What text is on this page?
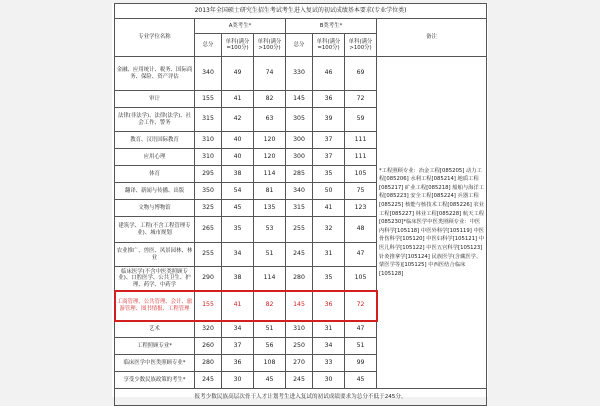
2013年全国硕士研究生招生考试考生进入复试的初试成绩基本要求(专业学位类)							
专业学位名称	A类考生*			B类考生*			备注
	总分	单科(满分=100分)	单科(满分>100分)	总分	单科(满分=100分)	单科(满分>100分)	
金融、应用统计、税务、国际商务、保险、资产评估	340	49	74	330	46	69	*工程照顾专业：冶金工程[085205] 动力工程[085206] 水利工程[085214] 地质工程[085217] 矿业工程[085218] 船舶与海洋工程[085223] 安全工程[085224] 兵器工程[085225] 核能与核技术工程[085226] 农业工程[085227] 林业工程[085228] 航天工程[085230]*临床医学中医类照顾专业：中医内科学[105118] 中医外科学[105119] 中医骨伤科学[105120] 中医妇科学[105121] 中医儿科学[105122] 中医五官科学[105123] 针灸推拿学[105124] 民族医学(含藏医学、蒙医学等)[105125] 中西医结合临床[105128]
审计	155	41	82	145	36	72	
法律(非法学)、法律(法学)、社会工作、警务	315	42	63	305	39	59	
教育、汉语国际教育	310	40	120	300	37	111	
应用心理	310	40	120	300	37	111	
体育	295	38	114	285	35	105	
翻译、新闻与传播、出版	350	54	81	340	50	75	
文物与博物馆	325	45	135	315	41	123	
建筑学、工程(不含工程管理专业)、城市规划	265	35	53	255	32	48	
农业推广、兽医、风景园林、林业	255	34	51	245	31	47	
临床医学(不含中医类照顾专业)、口腔医学、公共卫生、护理、药学、中药学	290	38	114	280	35	105	
工商管理、公共管理、会计、旅游管理、图书情报、工程管理	155	41	82	145	36	72	
艺术	320	34	51	310	31	47	
工程照顾专业*	260	37	56	250	34	51	
临床医学中医类照顾专业*	280	36	108	270	33	99	
享受少数民族政策的考生*	245	30	45	245	30	45	
报考少数民族高层次骨干人才计划考生进入复试的初试成绩要求为总分不低于245分。							
